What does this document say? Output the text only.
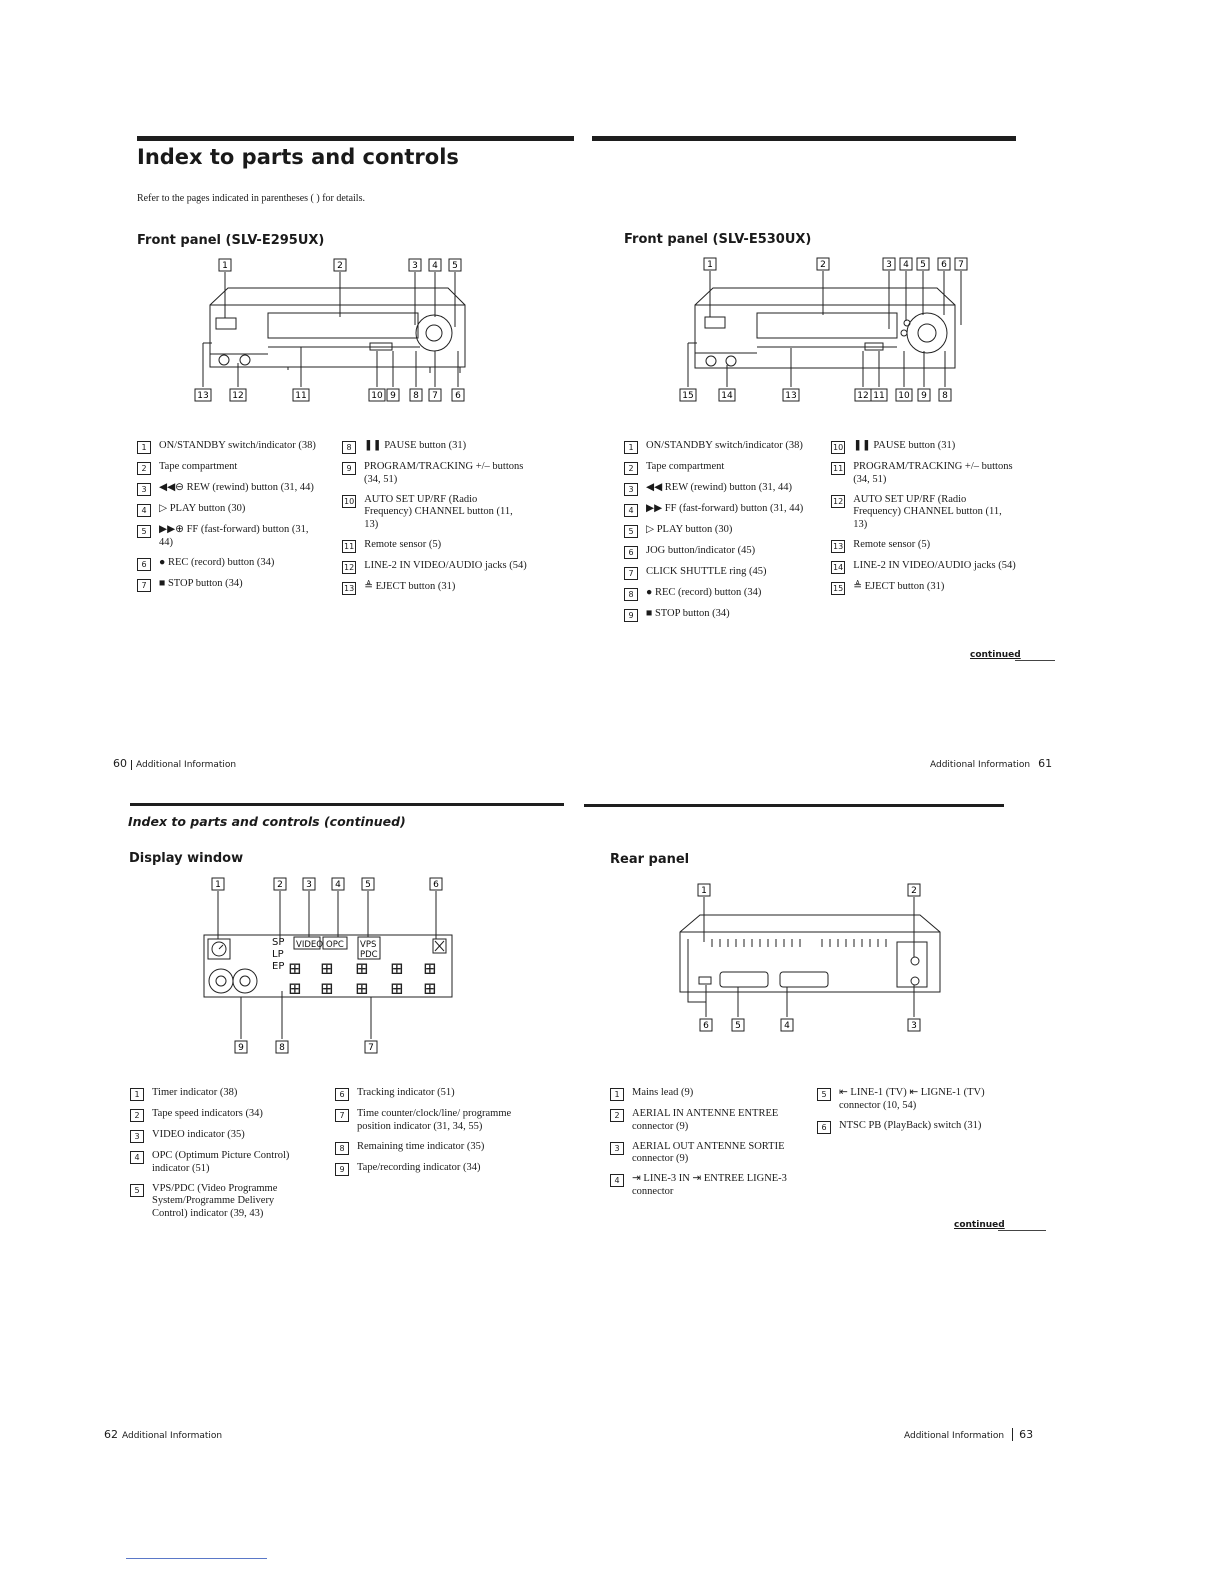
Index to parts and controls
Refer to the pages indicated in parentheses ( ) for details.
Front panel (SLV-E295UX)	Front panel (SLV-E530UX)
1	2	3 4 5
13	12	11	10 9 8 7 6
1	2	3 4 5 6 7
15	14	13	12 11 10 9 8
1	ON/STANDBY switch/indicator (38)
2	Tape compartment
3	◀◀⊖ REW (rewind) button (31, 44)
4	▷ PLAY button (30)
5	▶▶⊕ FF (fast-forward) button (31, 44)
6	● REC (record) button (34)
7	■ STOP button (34)
8	❚❚ PAUSE button (31)
9	PROGRAM/TRACKING +/– buttons (34, 51)
10 AUTO SET UP/RF (Radio Frequency) CHANNEL button (11, 13)
11 Remote sensor (5)
12 LINE-2 IN VIDEO/AUDIO jacks (54)
13 ≜ EJECT button (31)
1	ON/STANDBY switch/indicator (38)
2	Tape compartment
3	◀◀ REW (rewind) button (31, 44)
4	▶▶ FF (fast-forward) button (31, 44)
5	▷ PLAY button (30)
6	JOG button/indicator (45)
7	CLICK SHUTTLE ring (45)
8	● REC (record) button (34)
9	■ STOP button (34)
10 ❚❚ PAUSE button (31)
11 PROGRAM/TRACKING +/– buttons (34, 51)
12 AUTO SET UP/RF (Radio Frequency) CHANNEL button (11, 13)
13 Remote sensor (5)
14 LINE-2 IN VIDEO/AUDIO jacks (54)
15 ≜ EJECT button (31)
continued
60 Additional Information	Additional Information 61
Index to parts and controls (continued)
Display window	Rear panel
SP
LP
EP
VIDEO OPC VPS
PDC
⊞ ⊞ ⊞ ⊞ ⊞
⊞ ⊞ ⊞ ⊞ ⊞
1	2	3	4	5	6
9	8	7
1	2
6	5	4	3
1	Timer indicator (38)
2	Tape speed indicators (34)
3	VIDEO indicator (35)
4	OPC (Optimum Picture Control) indicator (51)
5	VPS/PDC (Video Programme System/Programme Delivery Control) indicator (39, 43)
6	Tracking indicator (51)
7	Time counter/clock/line/ programme position indicator (31, 34, 55)
8	Remaining time indicator (35)
9	Tape/recording indicator (34)
1	Mains lead (9)
2	AERIAL IN ANTENNE ENTREE connector (9)
3	AERIAL OUT ANTENNE SORTIE connector (9)
4	⇥ LINE-3 IN ⇥ ENTREE LIGNE-3 connector
5	⇤ LINE-1 (TV) ⇤ LIGNE-1 (TV) connector (10, 54)
6	NTSC PB (PlayBack) switch (31)
continued
62 Additional Information	Additional Information 63
